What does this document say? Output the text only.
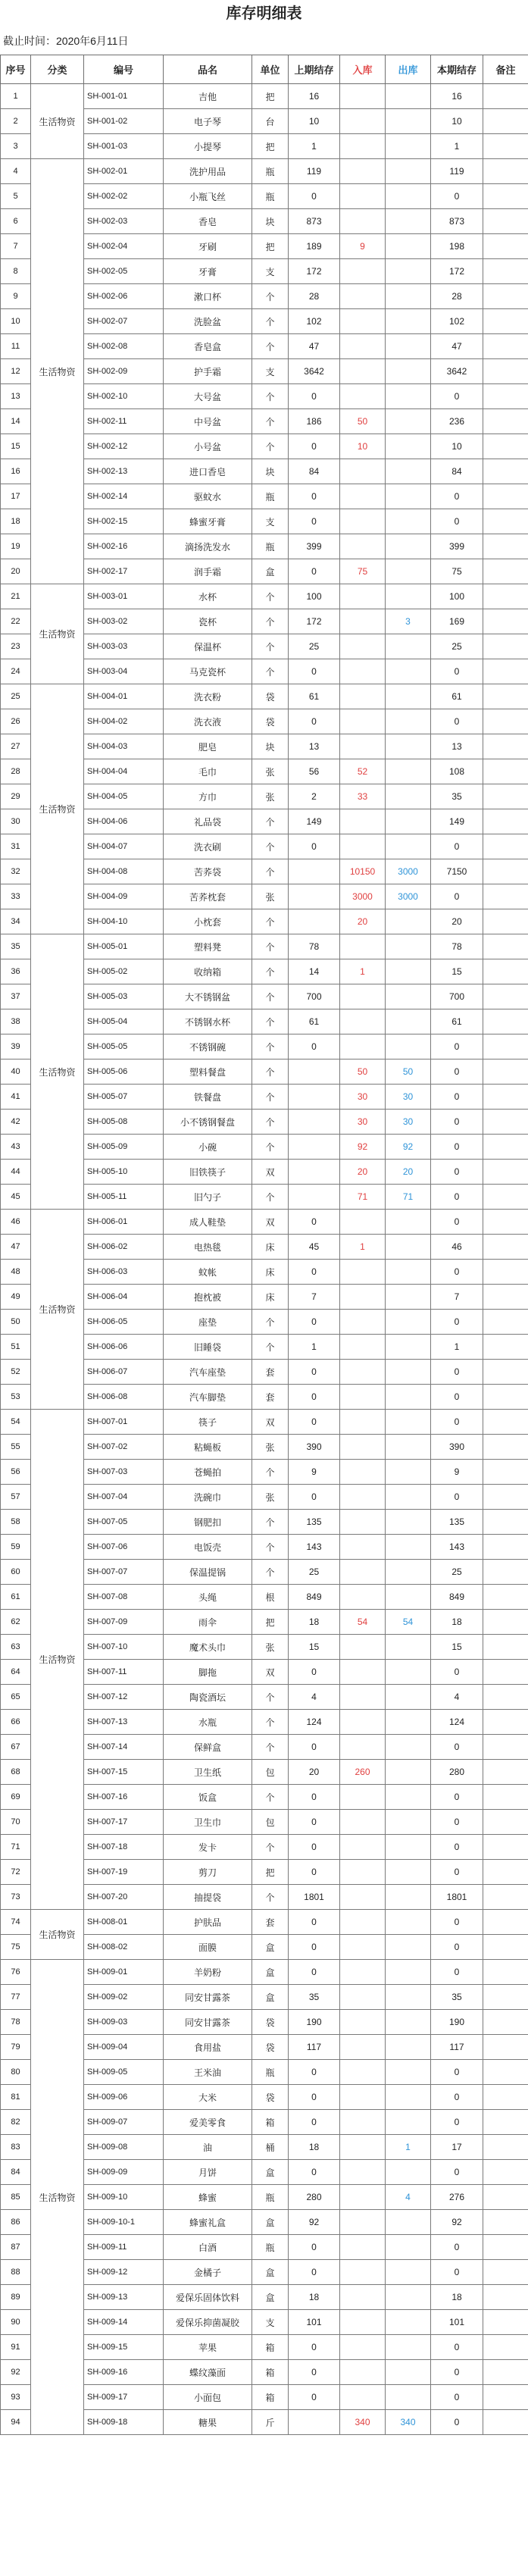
库存明细表
截止时间：2020年6月11日
序号	分类	编号	品名	单位	上期结存	入库	出库	本期结存	备注
1	生活物资	SH-001-01	吉他	把	16			16	
2		SH-001-02	电子琴	台	10			10	
3		SH-001-03	小提琴	把	1			1	
4	生活物资	SH-002-01	洗护用品	瓶	119			119	
5		SH-002-02	小瓶飞丝	瓶	0			0	
6		SH-002-03	香皂	块	873			873	
7		SH-002-04	牙刷	把	189	9		198	
8		SH-002-05	牙膏	支	172			172	
9		SH-002-06	漱口杯	个	28			28	
10		SH-002-07	洗脸盆	个	102			102	
11		SH-002-08	香皂盒	个	47			47	
12		SH-002-09	护手霜	支	3642			3642	
13		SH-002-10	大号盆	个	0			0	
14		SH-002-11	中号盆	个	186	50		236	
15		SH-002-12	小号盆	个	0	10		10	
16		SH-002-13	进口香皂	块	84			84	
17		SH-002-14	驱蚊水	瓶	0			0	
18		SH-002-15	蜂蜜牙膏	支	0			0	
19		SH-002-16	滴扬洗发水	瓶	399			399	
20		SH-002-17	润手霜	盒	0	75		75	
21	生活物资	SH-003-01	水杯	个	100			100	
22		SH-003-02	瓷杯	个	172		3	169	
23		SH-003-03	保温杯	个	25			25	
24		SH-003-04	马克瓷杯	个	0			0	
25	生活物资	SH-004-01	洗衣粉	袋	61			61	
26		SH-004-02	洗衣液	袋	0			0	
27		SH-004-03	肥皂	块	13			13	
28		SH-004-04	毛巾	张	56	52		108	
29		SH-004-05	方巾	张	2	33		35	
30		SH-004-06	礼品袋	个	149			149	
31		SH-004-07	洗衣刷	个	0			0	
32		SH-004-08	苦荞袋	个		10150	3000	7150	
33		SH-004-09	苦荞枕套	张		3000	3000	0	
34		SH-004-10	小枕套	个		20		20	
35	生活物资	SH-005-01	塑料凳	个	78			78	
36		SH-005-02	收纳箱	个	14	1		15	
37		SH-005-03	大不锈钢盆	个	700			700	
38		SH-005-04	不锈钢水杯	个	61			61	
39		SH-005-05	不锈钢碗	个	0			0	
40		SH-005-06	塑料餐盘	个		50	50	0	
41		SH-005-07	铁餐盘	个		30	30	0	
42		SH-005-08	小不锈钢餐盘	个		30	30	0	
43		SH-005-09	小碗	个		92	92	0	
44		SH-005-10	旧铁筷子	双		20	20	0	
45		SH-005-11	旧勺子	个		71	71	0	
46	生活物资	SH-006-01	成人鞋垫	双	0			0	
47		SH-006-02	电热毯	床	45	1		46	
48		SH-006-03	蚊帐	床	0			0	
49		SH-006-04	抱枕被	床	7			7	
50		SH-006-05	座垫	个	0			0	
51		SH-006-06	旧睡袋	个	1			1	
52		SH-006-07	汽车座垫	套	0			0	
53		SH-006-08	汽车脚垫	套	0			0	
54	生活物资	SH-007-01	筷子	双	0			0	
55		SH-007-02	粘蝇板	张	390			390	
56		SH-007-03	苍蝇拍	个	9			9	
57		SH-007-04	洗碗巾	张	0			0	
58		SH-007-05	钢肥扣	个	135			135	
59		SH-007-06	电饭壳	个	143			143	
60		SH-007-07	保温提锅	个	25			25	
61		SH-007-08	头绳	根	849			849	
62		SH-007-09	雨伞	把	18	54	54	18	
63		SH-007-10	魔术头巾	张	15			15	
64		SH-007-11	脚拖	双	0			0	
65		SH-007-12	陶瓷酒坛	个	4			4	
66		SH-007-13	水瓶	个	124			124	
67		SH-007-14	保鲜盒	个	0			0	
68		SH-007-15	卫生纸	包	20	260		280	
69		SH-007-16	饭盒	个	0			0	
70		SH-007-17	卫生巾	包	0			0	
71		SH-007-18	发卡	个	0			0	
72		SH-007-19	剪刀	把	0			0	
73		SH-007-20	抽提袋	个	1801			1801	
74	生活物资	SH-008-01	护肤品	套	0			0	
75		SH-008-02	面膜	盒	0			0	
76	生活物资	SH-009-01	羊奶粉	盒	0			0	
77		SH-009-02	同安甘露茶	盒	35			35	
78		SH-009-03	同安甘露茶	袋	190			190	
79		SH-009-04	食用盐	袋	117			117	
80		SH-009-05	王米油	瓶	0			0	
81		SH-009-06	大米	袋	0			0	
82		SH-009-07	爱美零食	箱	0			0	
83		SH-009-08	油	桶	18		1	17	
84		SH-009-09	月饼	盒	0			0	
85		SH-009-10	蜂蜜	瓶	280		4	276	
86		SH-009-10-1	蜂蜜礼盒	盒	92			92	
87		SH-009-11	白酒	瓶	0			0	
88		SH-009-12	金橘子	盒	0			0	
89		SH-009-13	爱保乐固体饮料	盒	18			18	
90		SH-009-14	爱保乐抑菌凝胶	支	101			101	
91		SH-009-15	苹果	箱	0			0	
92		SH-009-16	蝶纹藻面	箱	0			0	
93		SH-009-17	小面包	箱	0			0	
94		SH-009-18	糖果	斤		340	340	0	
